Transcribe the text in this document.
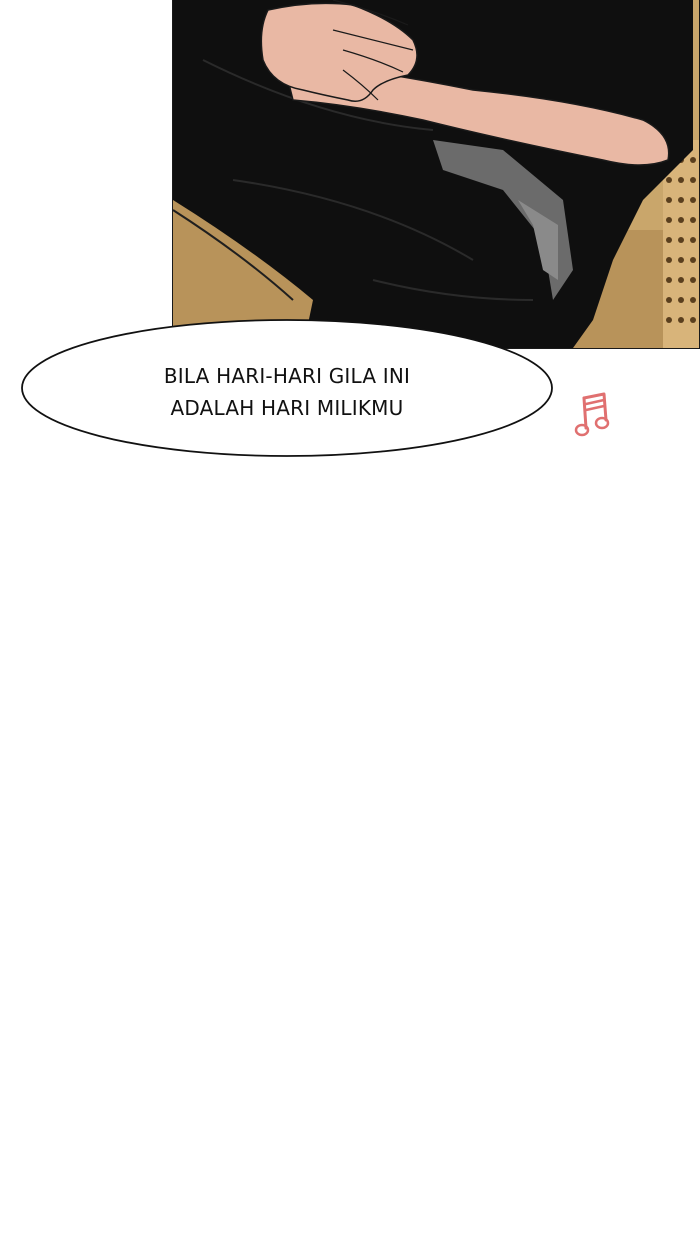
BILA HARI-HARI GILA INI
ADALAH HARI MILIKMU
